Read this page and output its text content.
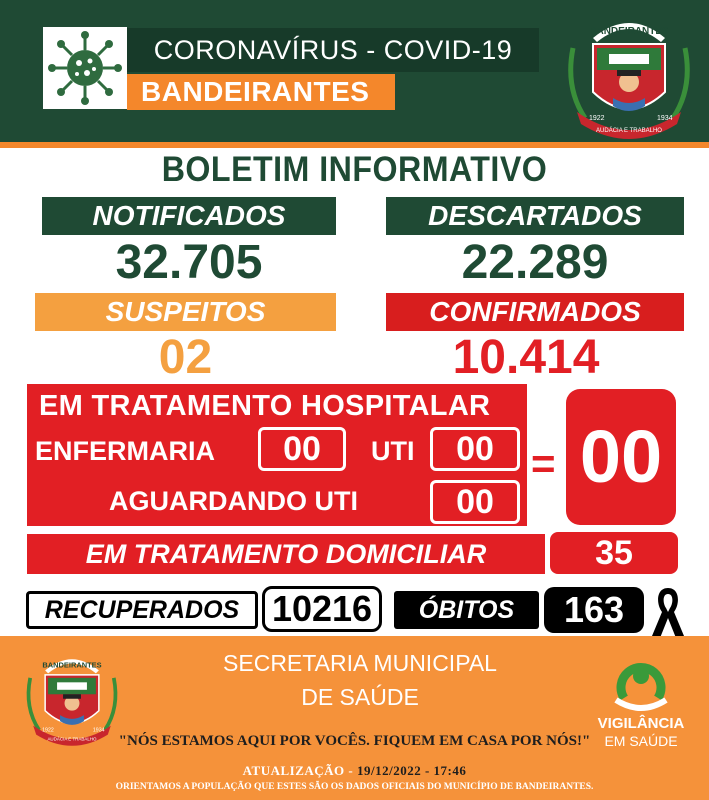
CORONAVÍRUS - COVID-19
BANDEIRANTES
BANDEIRANTES
1922	1934
AUDÁCIA E TRABALHO
BOLETIM INFORMATIVO
NOTIFICADOS
32.705
DESCARTADOS
22.289
SUSPEITOS
02
CONFIRMADOS
10.414
EM TRATAMENTO HOSPITALAR
ENFERMARIA	00	UTI	00
AGUARDANDO UTI	00
= 00
EM TRATAMENTO DOMICILIAR	35
RECUPERADOS 10216	ÓBITOS	163
BANDEIRANTES
1922	1934
AUDÁCIA E TRABALHO
SECRETARIA MUNICIPAL
DE SAÚDE
VIGILÂNCIA
EM SAÚDE
"NÓS ESTAMOS AQUI POR VOCÊS. FIQUEM EM CASA POR NÓS!"
ATUALIZAÇÃO - 19/12/2022 - 17:46
ORIENTAMOS A POPULAÇÃO QUE ESTES SÃO OS DADOS OFICIAIS DO MUNICÍPIO DE BANDEIRANTES.
